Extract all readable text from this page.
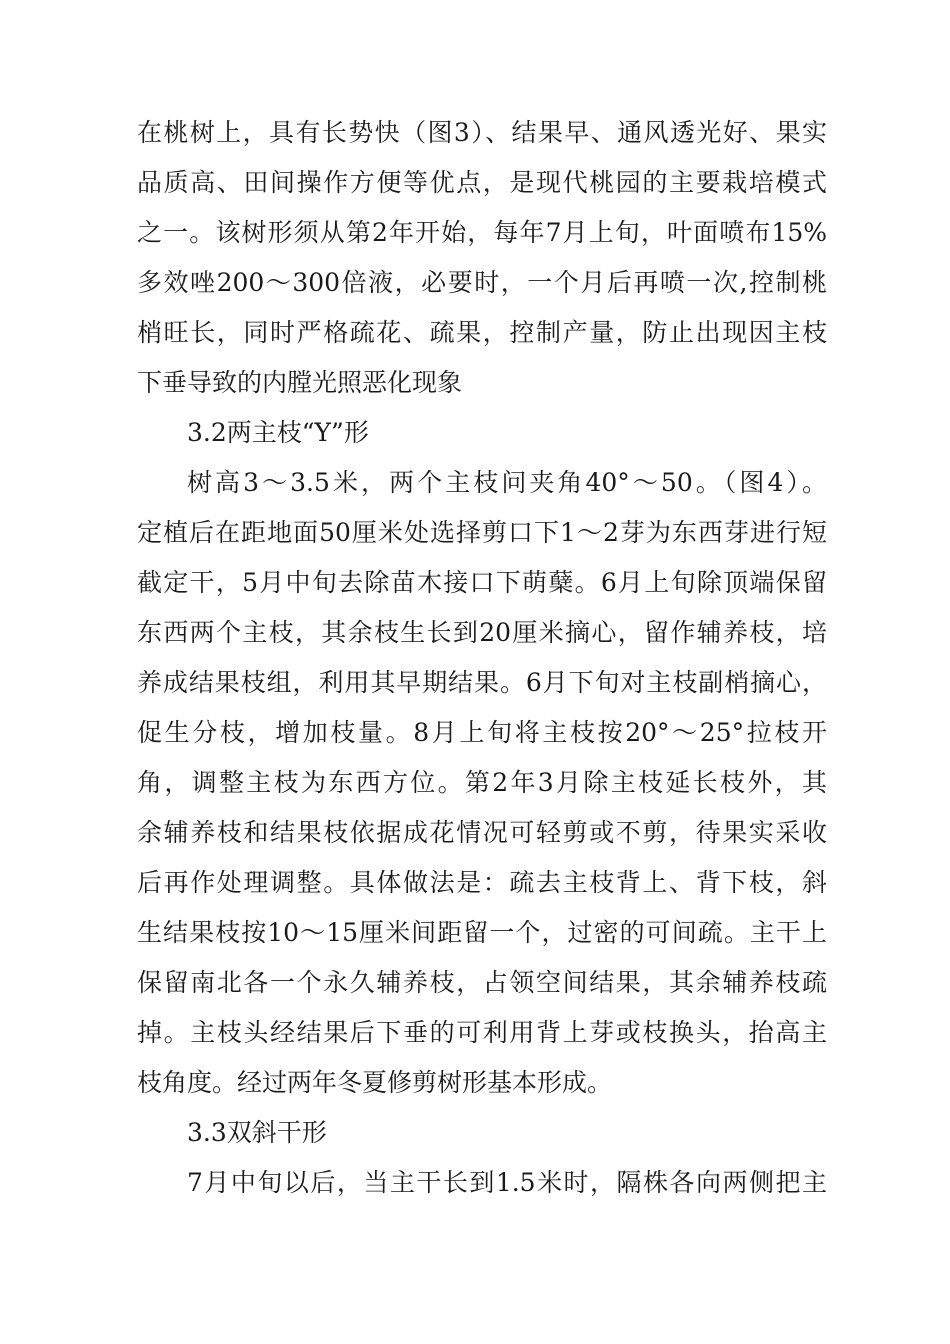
在桃树上，具有长势快（图3）、结果早、通风透光好、果实
品质高、田间操作方便等优点，是现代桃园的主要栽培模式
之一。该树形须从第2年开始，每年7月上旬，叶面喷布15%
多效唑200～300倍液，必要时，一个月后再喷一次,控制桃
梢旺长，同时严格疏花、疏果，控制产量，防止出现因主枝
下垂导致的内膛光照恶化现象
3.2两主枝“Y”形
树高3～3.5米，两个主枝问夹角40°～50。（图4）。
定植后在距地面50厘米处选择剪口下1～2芽为东西芽进行短
截定干，5月中旬去除苗木接口下萌蘖。6月上旬除顶端保留
东西两个主枝，其余枝生长到20厘米摘心，留作辅养枝，培
养成结果枝组，利用其早期结果。6月下旬对主枝副梢摘心，
促生分枝，增加枝量。8月上旬将主枝按20°～25°拉枝开
角，调整主枝为东西方位。第2年3月除主枝延长枝外，其
余辅养枝和结果枝依据成花情况可轻剪或不剪，待果实采收
后再作处理调整。具体做法是：疏去主枝背上、背下枝，斜
生结果枝按10～15厘米间距留一个，过密的可间疏。主干上
保留南北各一个永久辅养枝，占领空间结果，其余辅养枝疏
掉。主枝头经结果后下垂的可利用背上芽或枝换头，抬高主
枝角度。经过两年冬夏修剪树形基本形成。
3.3双斜干形
7月中旬以后，当主干长到1.5米时，隔株各向两侧把主
